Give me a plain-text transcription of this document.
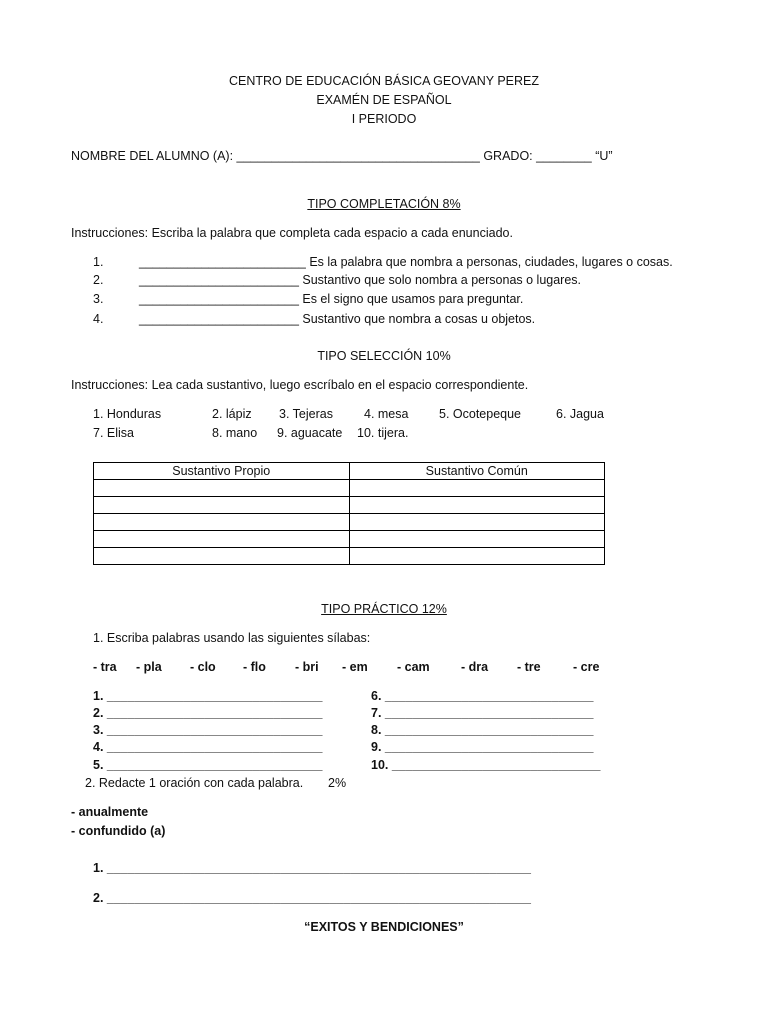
CENTRO DE EDUCACIÓN BÁSICA GEOVANY PEREZ
EXAMÉN DE ESPAÑOL
I PERIODO
NOMBRE DEL ALUMNO (A): ___________________________________ GRADO: ________ “U”
TIPO COMPLETACIÓN 8%
Instrucciones: Escriba la palabra que completa cada espacio a cada enunciado.
1.	________________________ Es la palabra que nombra a personas, ciudades, lugares o cosas.
2.	_______________________ Sustantivo que solo nombra a personas o lugares.
3.	_______________________ Es el signo que usamos para preguntar.
4.	_______________________ Sustantivo que nombra a cosas u objetos.
TIPO SELECCIÓN 10%
Instrucciones: Lea cada sustantivo, luego escríbalo en el espacio correspondiente.
1. Honduras	2. lápiz 3. Tejeras 4. mesa 5. Ocotepeque	6. Jagua
7. Elisa	8. mano 9. aguacate 10. tijera.
Sustantivo Propio	Sustantivo Común

TIPO PRÁCTICO 12%
1. Escriba palabras usando las siguientes sílabas:
- tra - pla - clo - flo - bri - em - cam	- dra - tre	- cre
1. _______________________________
2. _______________________________
3. _______________________________
4. _______________________________
5. _______________________________
6. ______________________________
7. ______________________________
8. ______________________________
9. ______________________________
10. ______________________________
2. Redacte 1 oración con cada palabra. 2%
- anualmente
- confundido (a)
1. _____________________________________________________________
2. _____________________________________________________________
“EXITOS Y BENDICIONES”
